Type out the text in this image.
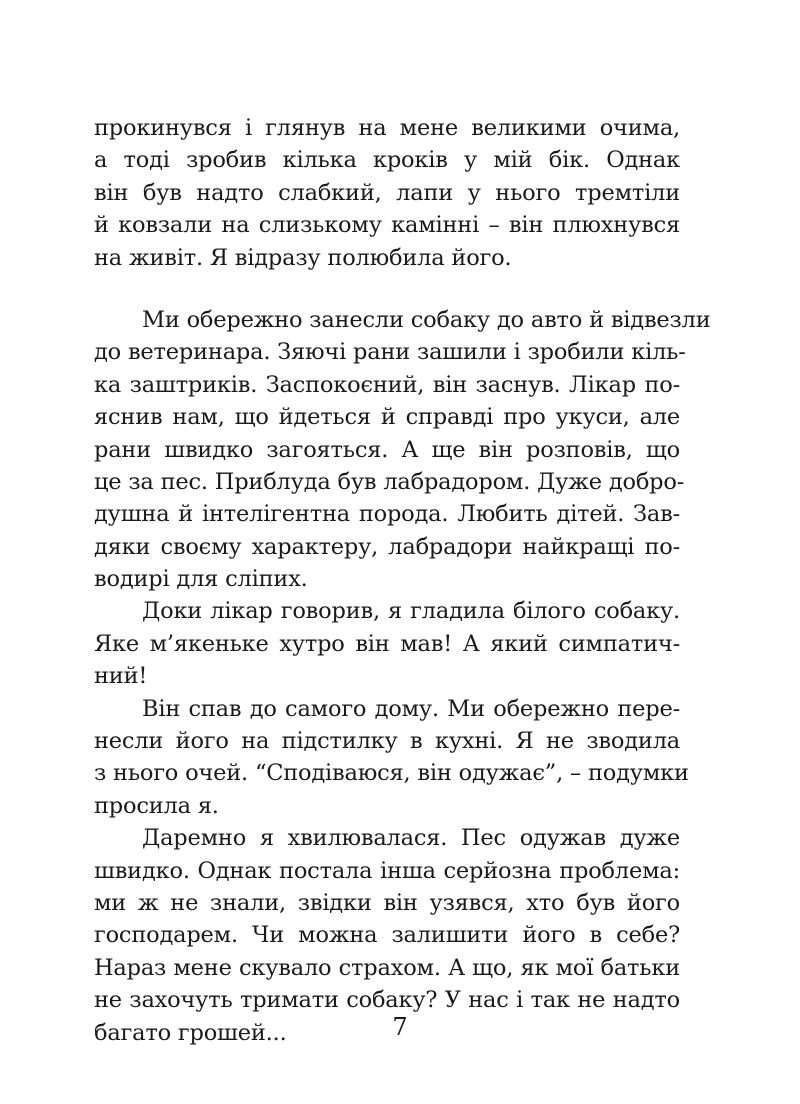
прокинувся і глянув на мене великими очима,
а тоді зробив кілька кроків у мій бік. Однак
він був надто слабкий, лапи у нього тремтіли
й ковзали на слизькому камінні – він плюхнувся
на живіт. Я відразу полюбила його.
Ми обережно занесли собаку до авто й відвезли
до ветеринара. Зяючі рани зашили і зробили кіль-
ка заштриків. Заспокоєний, він заснув. Лікар по-
яснив нам, що йдеться й справді про укуси, але
рани швидко загояться. А ще він розповів, що
це за пес. Приблуда був лабрадором. Дуже добро-
душна й інтелігентна порода. Любить дітей. Зав-
дяки своєму характеру, лабрадори найкращі по-
водирі для сліпих.
Доки лікар говорив, я гладила білого собаку.
Яке м’якеньке хутро він мав! А який симпатич-
ний!
Він спав до самого дому. Ми обережно пере-
несли його на підстилку в кухні. Я не зводила
з нього очей. “Сподіваюся, він одужає”, – подумки
просила я.
Даремно я хвилювалася. Пес одужав дуже
швидко. Однак постала інша серйозна проблема:
ми ж не знали, звідки він узявся, хто був його
господарем. Чи можна залишити його в себе?
Нараз мене скувало страхом. А що, як мої батьки
не захочуть тримати собаку? У нас і так не надто
багато грошей...	7
